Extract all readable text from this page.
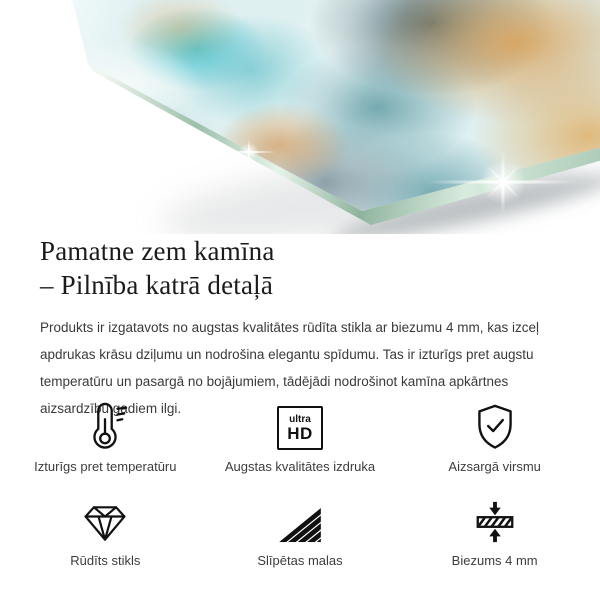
Pamatne zem kamīna
– Pilnība katrā detaļā

Produkts ir izgatavots no augstas kvalitātes rūdīta stikla ar biezumu 4 mm, kas izceļ apdrukas krāsu dziļumu un nodrošina elegantu spīdumu. Tas ir izturīgs pret augstu temperatūru un pasargā no bojājumiem, tādējādi nodrošinot kamīna apkārtnes aizsardzību gadiem ilgi.

Izturīgs pret temperatūru
ultra
HD
Augstas kvalitātes izdruka	Aizsargā virsmu
Rūdīts stikls	Slīpētas malas	Biezums 4 mm
